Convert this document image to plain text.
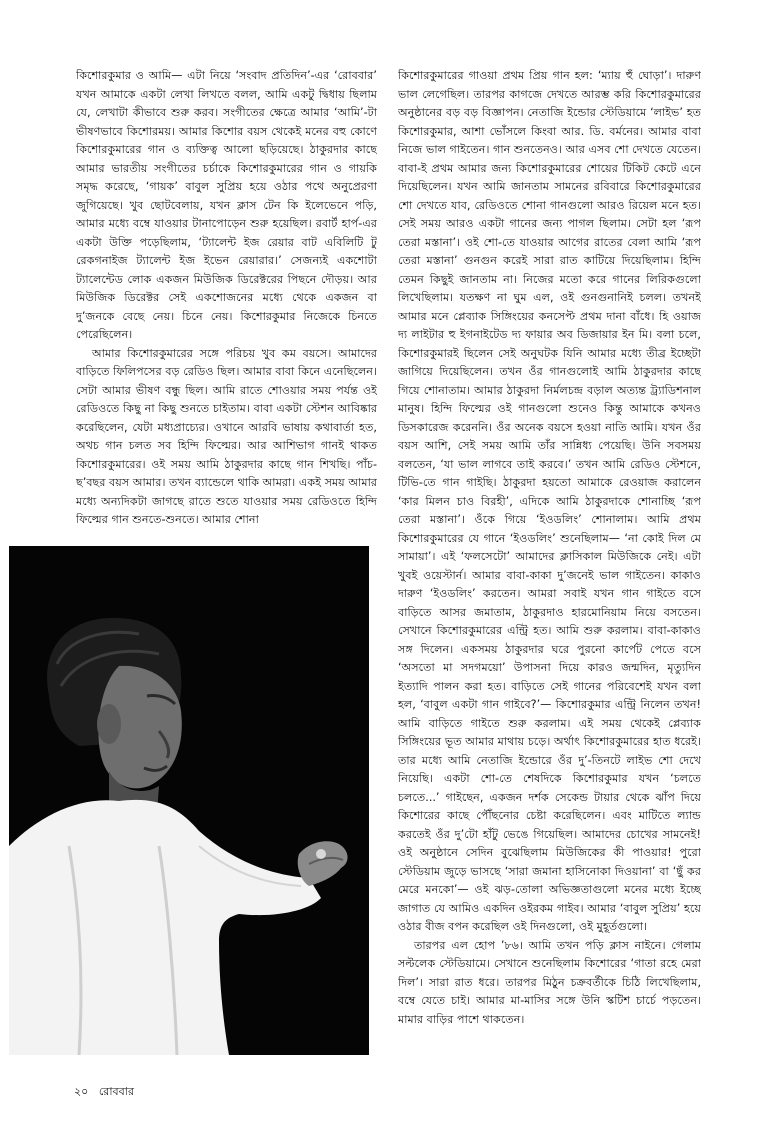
কিশোরকুমার ও আমি— এটা নিয়ে ‘সংবাদ প্রতিদিন’-এর ‘রোববার’ যখন আমাকে একটা লেখা লিখতে বলল, আমি একটু দ্বিধায় ছিলাম যে, লেখাটা কীভাবে শুরু করব। সংগীতের ক্ষেত্রে আমার ‘আমি’-টা ভীষণভাবে কিশোরময়। আমার কিশোর বয়স থেকেই মনের বহু কোণে কিশোরকুমারের গান ও ব্যক্তিত্ব আলো ছড়িয়েছে। ঠাকুরদার কাছে আমার ভারতীয় সংগীতের চর্চাকে কিশোরকুমারের গান ও গায়কি সমৃদ্ধ করেছে, ‘গায়ক’ বাবুল সুপ্রিয় হয়ে ওঠার পথে অনুপ্রেরণা জুগিয়েছে। খুব ছোটবেলায়, যখন ক্লাস টেন কি ইলেভেনে পড়ি, আমার মধ্যে বম্বে যাওয়ার টানাপোড়েন শুরু হয়েছিল। রবার্ট হার্প-এর একটা উক্তি পড়েছিলাম, ‘ট্যালেন্ট ইজ রেয়ার বাট এবিলিটি টু রেকগনাইজ ট্যালেন্ট ইজ ইভেন রেয়ারার।’ সেজন্যই একশোটা ট্যালেন্টেড লোক একজন মিউজিক ডিরেক্টরের পিছনে দৌড়য়। আর মিউজিক ডিরেক্টর সেই একশোজনের মধ্যে থেকে একজন বা দু’জনকে বেছে নেয়। চিনে নেয়। কিশোরকুমার নিজেকে চিনতে পেরেছিলেন।

আমার কিশোরকুমারের সঙ্গে পরিচয় খুব কম বয়সে। আমাদের বাড়িতে ফিলিপসের বড় রেডিও ছিল। আমার বাবা কিনে এনেছিলেন। সেটা আমার ভীষণ বন্ধু ছিল। আমি রাতে শোওয়ার সময় পর্যন্ত ওই রেডিওতে কিছু না কিছু শুনতে চাইতাম। বাবা একটা স্টেশন আবিষ্কার করেছিলেন, যেটা মধ্যপ্রাচ্যের। ওখানে আরবি ভাষায় কথাবার্তা হত, অথচ গান চলত সব হিন্দি ফিল্মের। আর আশিভাগ গানই থাকত কিশোরকুমারের। ওই সময় আমি ঠাকুরদার কাছে গান শিখছি। পাঁচ-ছ’বছর বয়স আমার। তখন ব্যান্ডেলে থাকি আমরা। একই সময় আমার মধ্যে অন্যদিকটা জাগছে রাতে শুতে যাওয়ার সময় রেডিওতে হিন্দি ফিল্মের গান শুনতে-শুনতে। আমার শোনা

কিশোরকুমারের গাওয়া প্রথম প্রিয় গান হল: ‘ম্যায় হুঁ ঘোড়া’। দারুণ ভাল লেগেছিল। তারপর কাগজে দেখতে আরম্ভ করি কিশোরকুমারের অনুষ্ঠানের বড় বড় বিজ্ঞাপন। নেতাজি ইন্ডোর স্টেডিয়ামে ‘লাইভ’ হত কিশোরকুমার, আশা ভোঁসলে কিংবা আর. ডি. বর্মনের। আমার বাবা নিজে ভাল গাইতেন। গান শুনতেনও। আর এসব শো দেখতে যেতেন। বাবা-ই প্রথম আমার জন্য কিশোরকুমারের শোয়ের টিকিট কেটে এনে দিয়েছিলেন। যখন আমি জানতাম সামনের রবিবারে কিশোরকুমারের শো দেখতে যাব, রেডিওতে শোনা গানগুলো আরও রিয়েল মনে হত। সেই সময় আরও একটা গানের জন্য পাগল ছিলাম। সেটা হল ‘রূপ তেরা মস্তানা’। ওই শো-তে যাওয়ার আগের রাতের বেলা আমি ‘রূপ তেরা মস্তানা’ গুনগুন করেই সারা রাত কাটিয়ে দিয়েছিলাম। হিন্দি তেমন কিছুই জানতাম না। নিজের মতো করে গানের লিরিকগুলো লিখেছিলাম। যতক্ষণ না ঘুম এল, ওই গুনগুনানিই চলল। তখনই আমার মনে প্লেব্যাক সিঙ্গিংয়ের কনসেপ্ট প্রথম দানা বাঁধে। হি ওয়াজ দ্য লাইটার হু ইগনাইটেড দ্য ফায়ার অব ডিজায়ার ইন মি। বলা চলে, কিশোরকুমারই ছিলেন সেই অনুঘটক যিনি আমার মধ্যে তীব্র ইচ্ছেটা জাগিয়ে দিয়েছিলেন। তখন ওঁর গানগুলোই আমি ঠাকুরদার কাছে গিয়ে শোনাতাম। আমার ঠাকুরদা নির্মলচন্দ্র বড়াল অত্যন্ত ট্র্যাডিশনাল মানুষ। হিন্দি ফিল্মের ওই গানগুলো শুনেও কিন্তু আমাকে কখনও ডিসকারেজ করেননি। ওঁর অনেক বয়সে হওয়া নাতি আমি। যখন ওঁর বয়স আশি, সেই সময় আমি তাঁর সান্নিধ্য পেয়েছি। উনি সবসময় বলতেন, ‘যা ভাল লাগবে তাই করবে।’ তখন আমি রেডিও স্টেশনে, টিভি-তে গান গাইছি। ঠাকুরদা হয়তো আমাকে রেওয়াজ করালেন ‘কার মিলন চাও বিরহী’, এদিকে আমি ঠাকুরদাকে শোনাচ্ছি ‘রূপ তেরা মস্তানা’। ওঁকে গিয়ে ‘ইওডলিং’ শোনালাম। আমি প্রথম কিশোরকুমারের যে গানে ‘ইওডলিং’ শুনেছিলাম— ‘না কোই দিল মে সামায়া’। এই ‘ফলসেটো’ আমাদের ক্লাসিকাল মিউজিকে নেই। এটা খুবই ওয়েস্টার্ন। আমার বাবা-কাকা দু’জনেই ভাল গাইতেন। কাকাও দারুণ ‘ইওডলিং’ করতেন। আমরা সবাই যখন গান গাইতে বসে বাড়িতে আসর জমাতাম, ঠাকুরদাও হারমোনিয়াম নিয়ে বসতেন। সেখানে কিশোরকুমারের এন্ট্রি হত। আমি শুরু করলাম। বাবা-কাকাও সঙ্গ দিলেন। একসময় ঠাকুরদার ঘরে পুরনো কার্পেট পেতে বসে ‘অসতো মা সদগময়ো’ উপাসনা দিয়ে কারও জন্মদিন, মৃত্যুদিন ইত্যাদি পালন করা হত। বাড়িতে সেই গানের পরিবেশেই যখন বলা হল, ‘বাবুল একটা গান গাইবে?’— কিশোরকুমার এন্ট্রি নিলেন তখন! আমি বাড়িতে গাইতে শুরু করলাম। এই সময় থেকেই প্লেব্যাক সিঙ্গিংয়ের ভূত আমার মাথায় চড়ে। অর্থাৎ কিশোরকুমারের হাত ধরেই। তার মধ্যে আমি নেতাজি ইন্ডোরে ওঁর দু’-তিনটে লাইভ শো দেখে নিয়েছি। একটা শো-তে শেষদিকে কিশোরকুমার যখন ‘চলতে চলতে...’ গাইছেন, একজন দর্শক সেকেন্ড টায়ার থেকে ঝাঁপ দিয়ে কিশোরের কাছে পৌঁছনোর চেষ্টা করেছিলেন। এবং মাটিতে ল্যান্ড করতেই ওঁর দু’টো হাঁটু ভেঙে গিয়েছিল। আমাদের চোখের সামনেই! ওই অনুষ্ঠানে সেদিন বুঝেছিলাম মিউজিকের কী পাওয়ার! পুরো স্টেডিয়াম জুড়ে ভাসছে ‘সারা জমানা হাসিনোকা দিওয়ানা’ বা ‘ছুঁ কর মেরে মনকো’— ওই ঝড়-তোলা অভিজ্ঞতাগুলো মনের মধ্যে ইচ্ছে জাগাত যে আমিও একদিন ওইরকম গাইব। আমার ‘বাবুল সুপ্রিয়’ হয়ে ওঠার বীজ বপন করেছিল ওই দিনগুলো, ওই মুহূর্তগুলো।

তারপর এল হোপ ’৮৬। আমি তখন পড়ি ক্লাস নাইনে। গেলাম সল্টলেক স্টেডিয়ামে। সেখানে শুনেছিলাম কিশোরের ‘গাতা রহে মেরা দিল’। সারা রাত ধরে। তারপর মিঠুন চক্রবর্তীকে চিঠি লিখেছিলাম, বম্বে যেতে চাই। আমার মা-মাসির সঙ্গে উনি স্কটিশ চার্চে পড়তেন। মামার বাড়ির পাশে থাকতেন।

২০ রোববার
